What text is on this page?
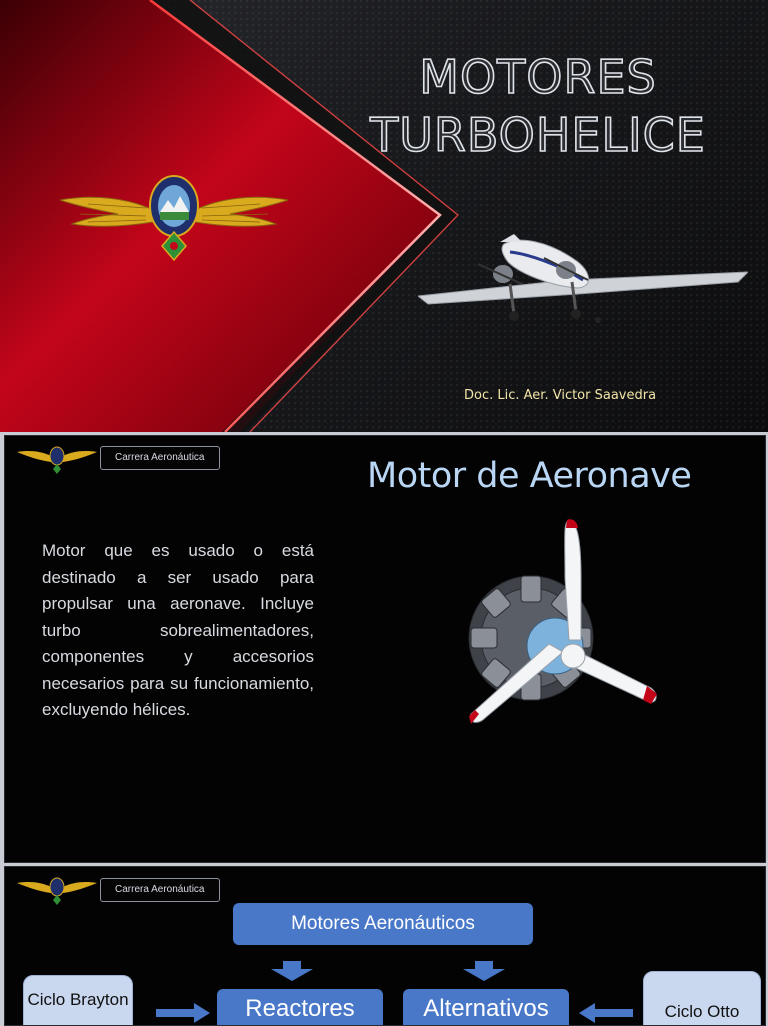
MOTORES
TURBOHELICE
Doc. Lic. Aer. Victor Saavedra
Carrera Aeronáutica	Motor de Aeronave
Motor que es usado o está destinado a ser usado para propulsar una aeronave. Incluye turbo sobrealimentadores, componentes y accesorios necesarios para su funcionamiento, excluyendo hélices.
Carrera Aeronáutica
Motores Aeronáuticos
Ciclo Brayton	Reactores	Alternativos	Ciclo Otto
